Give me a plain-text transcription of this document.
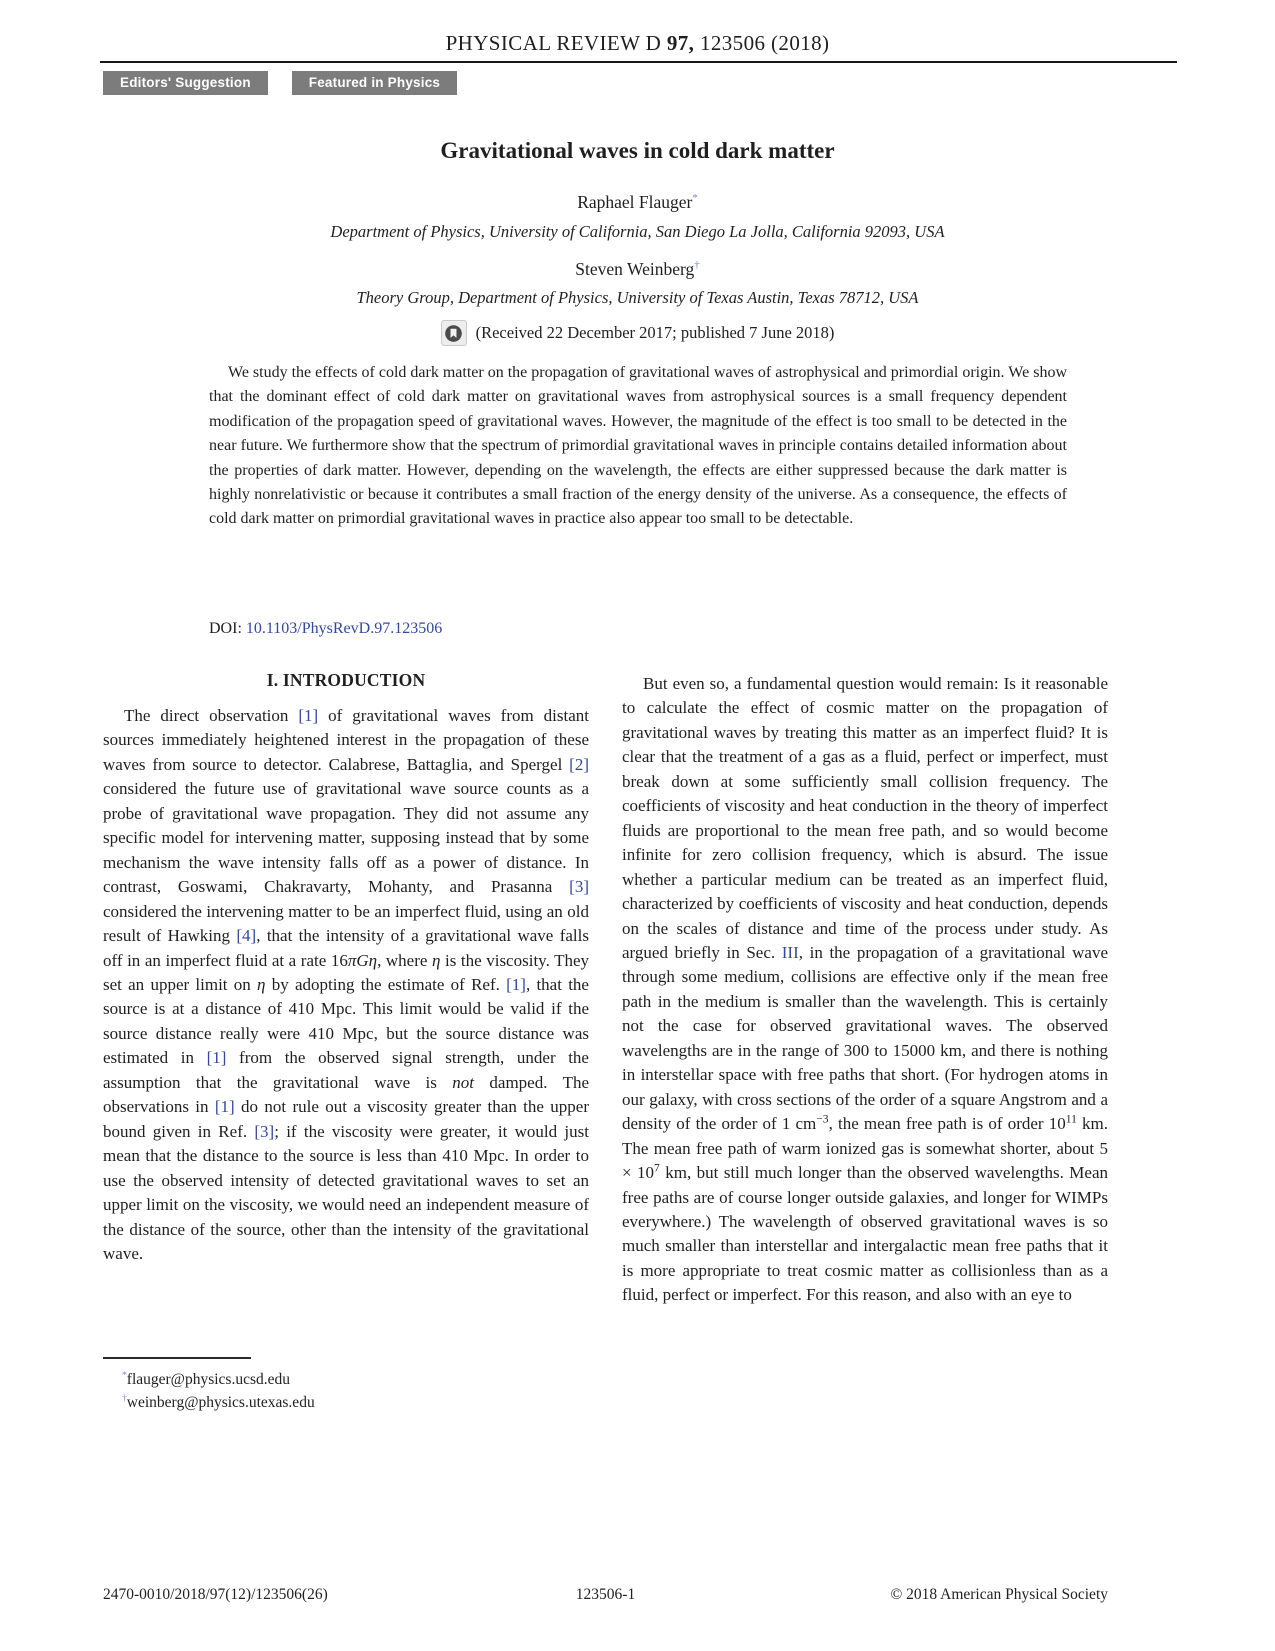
PHYSICAL REVIEW D 97, 123506 (2018)
Editors' Suggestion	Featured in Physics
Gravitational waves in cold dark matter
Raphael Flauger*
Department of Physics, University of California, San Diego La Jolla, California 92093, USA
Steven Weinberg†
Theory Group, Department of Physics, University of Texas Austin, Texas 78712, USA
(Received 22 December 2017; published 7 June 2018)
We study the effects of cold dark matter on the propagation of gravitational waves of astrophysical and primordial origin. We show that the dominant effect of cold dark matter on gravitational waves from astrophysical sources is a small frequency dependent modification of the propagation speed of gravitational waves. However, the magnitude of the effect is too small to be detected in the near future. We furthermore show that the spectrum of primordial gravitational waves in principle contains detailed information about the properties of dark matter. However, depending on the wavelength, the effects are either suppressed because the dark matter is highly nonrelativistic or because it contributes a small fraction of the energy density of the universe. As a consequence, the effects of cold dark matter on primordial gravitational waves in practice also appear too small to be detectable.
DOI: 10.1103/PhysRevD.97.123506
I. INTRODUCTION

The direct observation [1] of gravitational waves from distant sources immediately heightened interest in the propagation of these waves from source to detector. Calabrese, Battaglia, and Spergel [2] considered the future use of gravitational wave source counts as a probe of gravitational wave propagation. They did not assume any specific model for intervening matter, supposing instead that by some mechanism the wave intensity falls off as a power of distance. In contrast, Goswami, Chakravarty, Mohanty, and Prasanna [3] considered the intervening matter to be an imperfect fluid, using an old result of Hawking [4], that the intensity of a gravitational wave falls off in an imperfect fluid at a rate 16πGη, where η is the viscosity. They set an upper limit on η by adopting the estimate of Ref. [1], that the source is at a distance of 410 Mpc. This limit would be valid if the source distance really were 410 Mpc, but the source distance was estimated in [1] from the observed signal strength, under the assumption that the gravitational wave is not damped. The observations in [1] do not rule out a viscosity greater than the upper bound given in Ref. [3]; if the viscosity were greater, it would just mean that the distance to the source is less than 410 Mpc. In order to use the observed intensity of detected gravitational waves to set an upper limit on the viscosity, we would need an independent measure of the distance of the source, other than the intensity of the gravitational wave.

But even so, a fundamental question would remain: Is it reasonable to calculate the effect of cosmic matter on the propagation of gravitational waves by treating this matter as an imperfect fluid? It is clear that the treatment of a gas as a fluid, perfect or imperfect, must break down at some sufficiently small collision frequency. The coefficients of viscosity and heat conduction in the theory of imperfect fluids are proportional to the mean free path, and so would become infinite for zero collision frequency, which is absurd. The issue whether a particular medium can be treated as an imperfect fluid, characterized by coefficients of viscosity and heat conduction, depends on the scales of distance and time of the process under study. As argued briefly in Sec. III, in the propagation of a gravitational wave through some medium, collisions are effective only if the mean free path in the medium is smaller than the wavelength. This is certainly not the case for observed gravitational waves. The observed wavelengths are in the range of 300 to 15000 km, and there is nothing in interstellar space with free paths that short. (For hydrogen atoms in our galaxy, with cross sections of the order of a square Angstrom and a density of the order of 1 $cm^{-3}$, the mean free path is of order $10^{11}$ km. The mean free path of warm ionized gas is somewhat shorter, about $5 \times 10^7$ km, but still much longer than the observed wavelengths. Mean free paths are of course longer outside galaxies, and longer for WIMPs everywhere.) The wavelength of observed gravitational waves is so much smaller than interstellar and intergalactic mean free paths that it is more appropriate to treat cosmic matter as collisionless than as a fluid, perfect or imperfect. For this reason, and also with an eye to

*flauger@physics.ucsd.edu
†weinberg@physics.utexas.edu
2470-0010/2018/97(12)/123506(26)	123506-1	© 2018 American Physical Society
